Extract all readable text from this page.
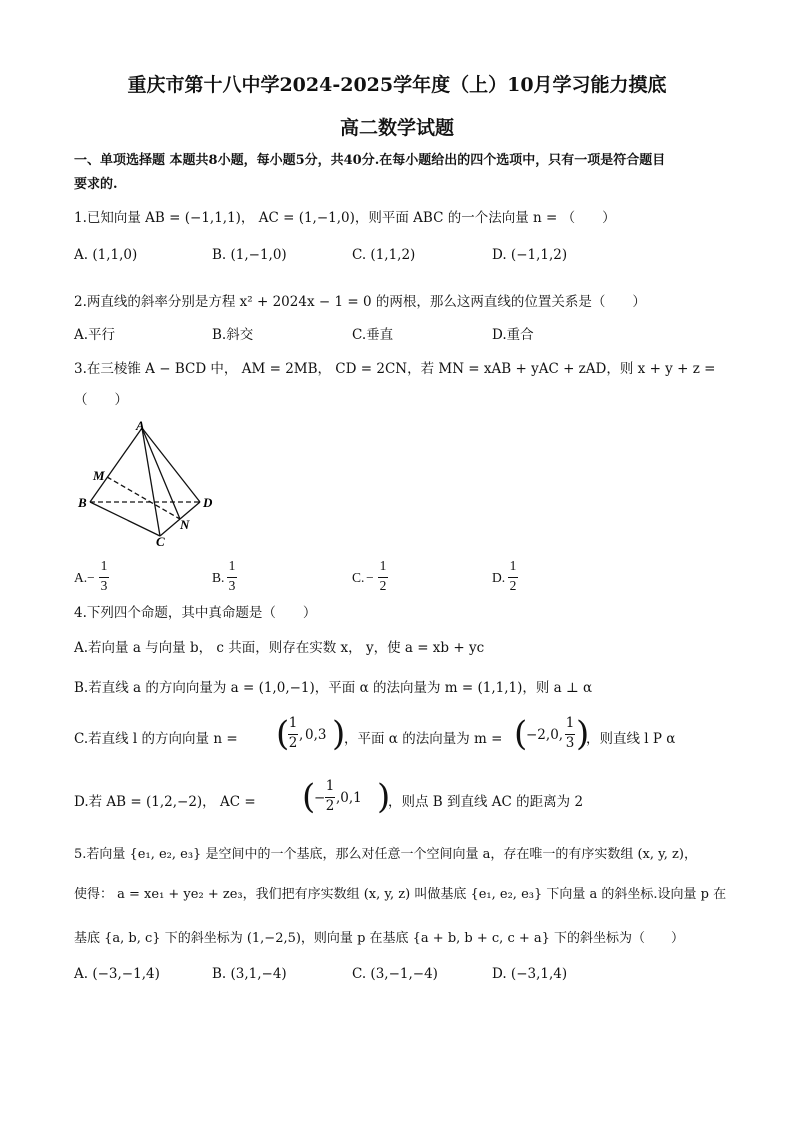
重庆市第十八中学2024-2025学年度（上）10月学习能力摸底
高二数学试题
一、单项选择题 本题共8小题，每小题5分，共40分.在每小题给出的四个选项中，只有一项是符合题目
要求的.
1.已知向量 AB = (−1,1,1)， AC = (1,−1,0)，则平面 ABC 的一个法向量 n = （　　）
A. (1,1,0)	B. (1,−1,0)	C. (1,1,2)	D. (−1,1,2)
2.两直线的斜率分别是方程 x² + 2024x − 1 = 0 的两根，那么这两直线的位置关系是（　　）
A.平行	B.斜交	C.垂直	D.重合
3.在三棱锥 A − BCD 中， AM = 2MB， CD = 2CN，若 MN = xAB + yAC + zAD，则 x + y + z =
（　　）
A
M
B	D
N
C
A. −
1
3
B.
1
3
C. −
1
2
D.
1
2
4.下列四个命题，其中真命题是（　　）
A.若向量 a 与向量 b， c 共面，则存在实数 x， y，使 a = xb + yc
B.若直线 a 的方向向量为 a = (1,0,−1)，平面 α 的法向量为 m = (1,1,1)，则 a ⊥ α
C.若直线 l 的方向向量 n = ( 1
2 , 0,3 )
，平面 α 的法向量为 m = (
−2,0,
1
3 )
，则直线 l P α
D.若 AB = (1,2,−2)， AC = (
−
1
2 ,0,1 )
，则点 B 到直线 AC 的距离为 2
5.若向量 {e₁, e₂, e₃} 是空间中的一个基底，那么对任意一个空间向量 a，存在唯一的有序实数组 (x, y, z)，
使得： a = xe₁ + ye₂ + ze₃，我们把有序实数组 (x, y, z) 叫做基底 {e₁, e₂, e₃} 下向量 a 的斜坐标.设向量 p 在
基底 {a, b, c} 下的斜坐标为 (1,−2,5)，则向量 p 在基底 {a + b, b + c, c + a} 下的斜坐标为（　　）
A. (−3,−1,4)	B. (3,1,−4)	C. (3,−1,−4)	D. (−3,1,4)
